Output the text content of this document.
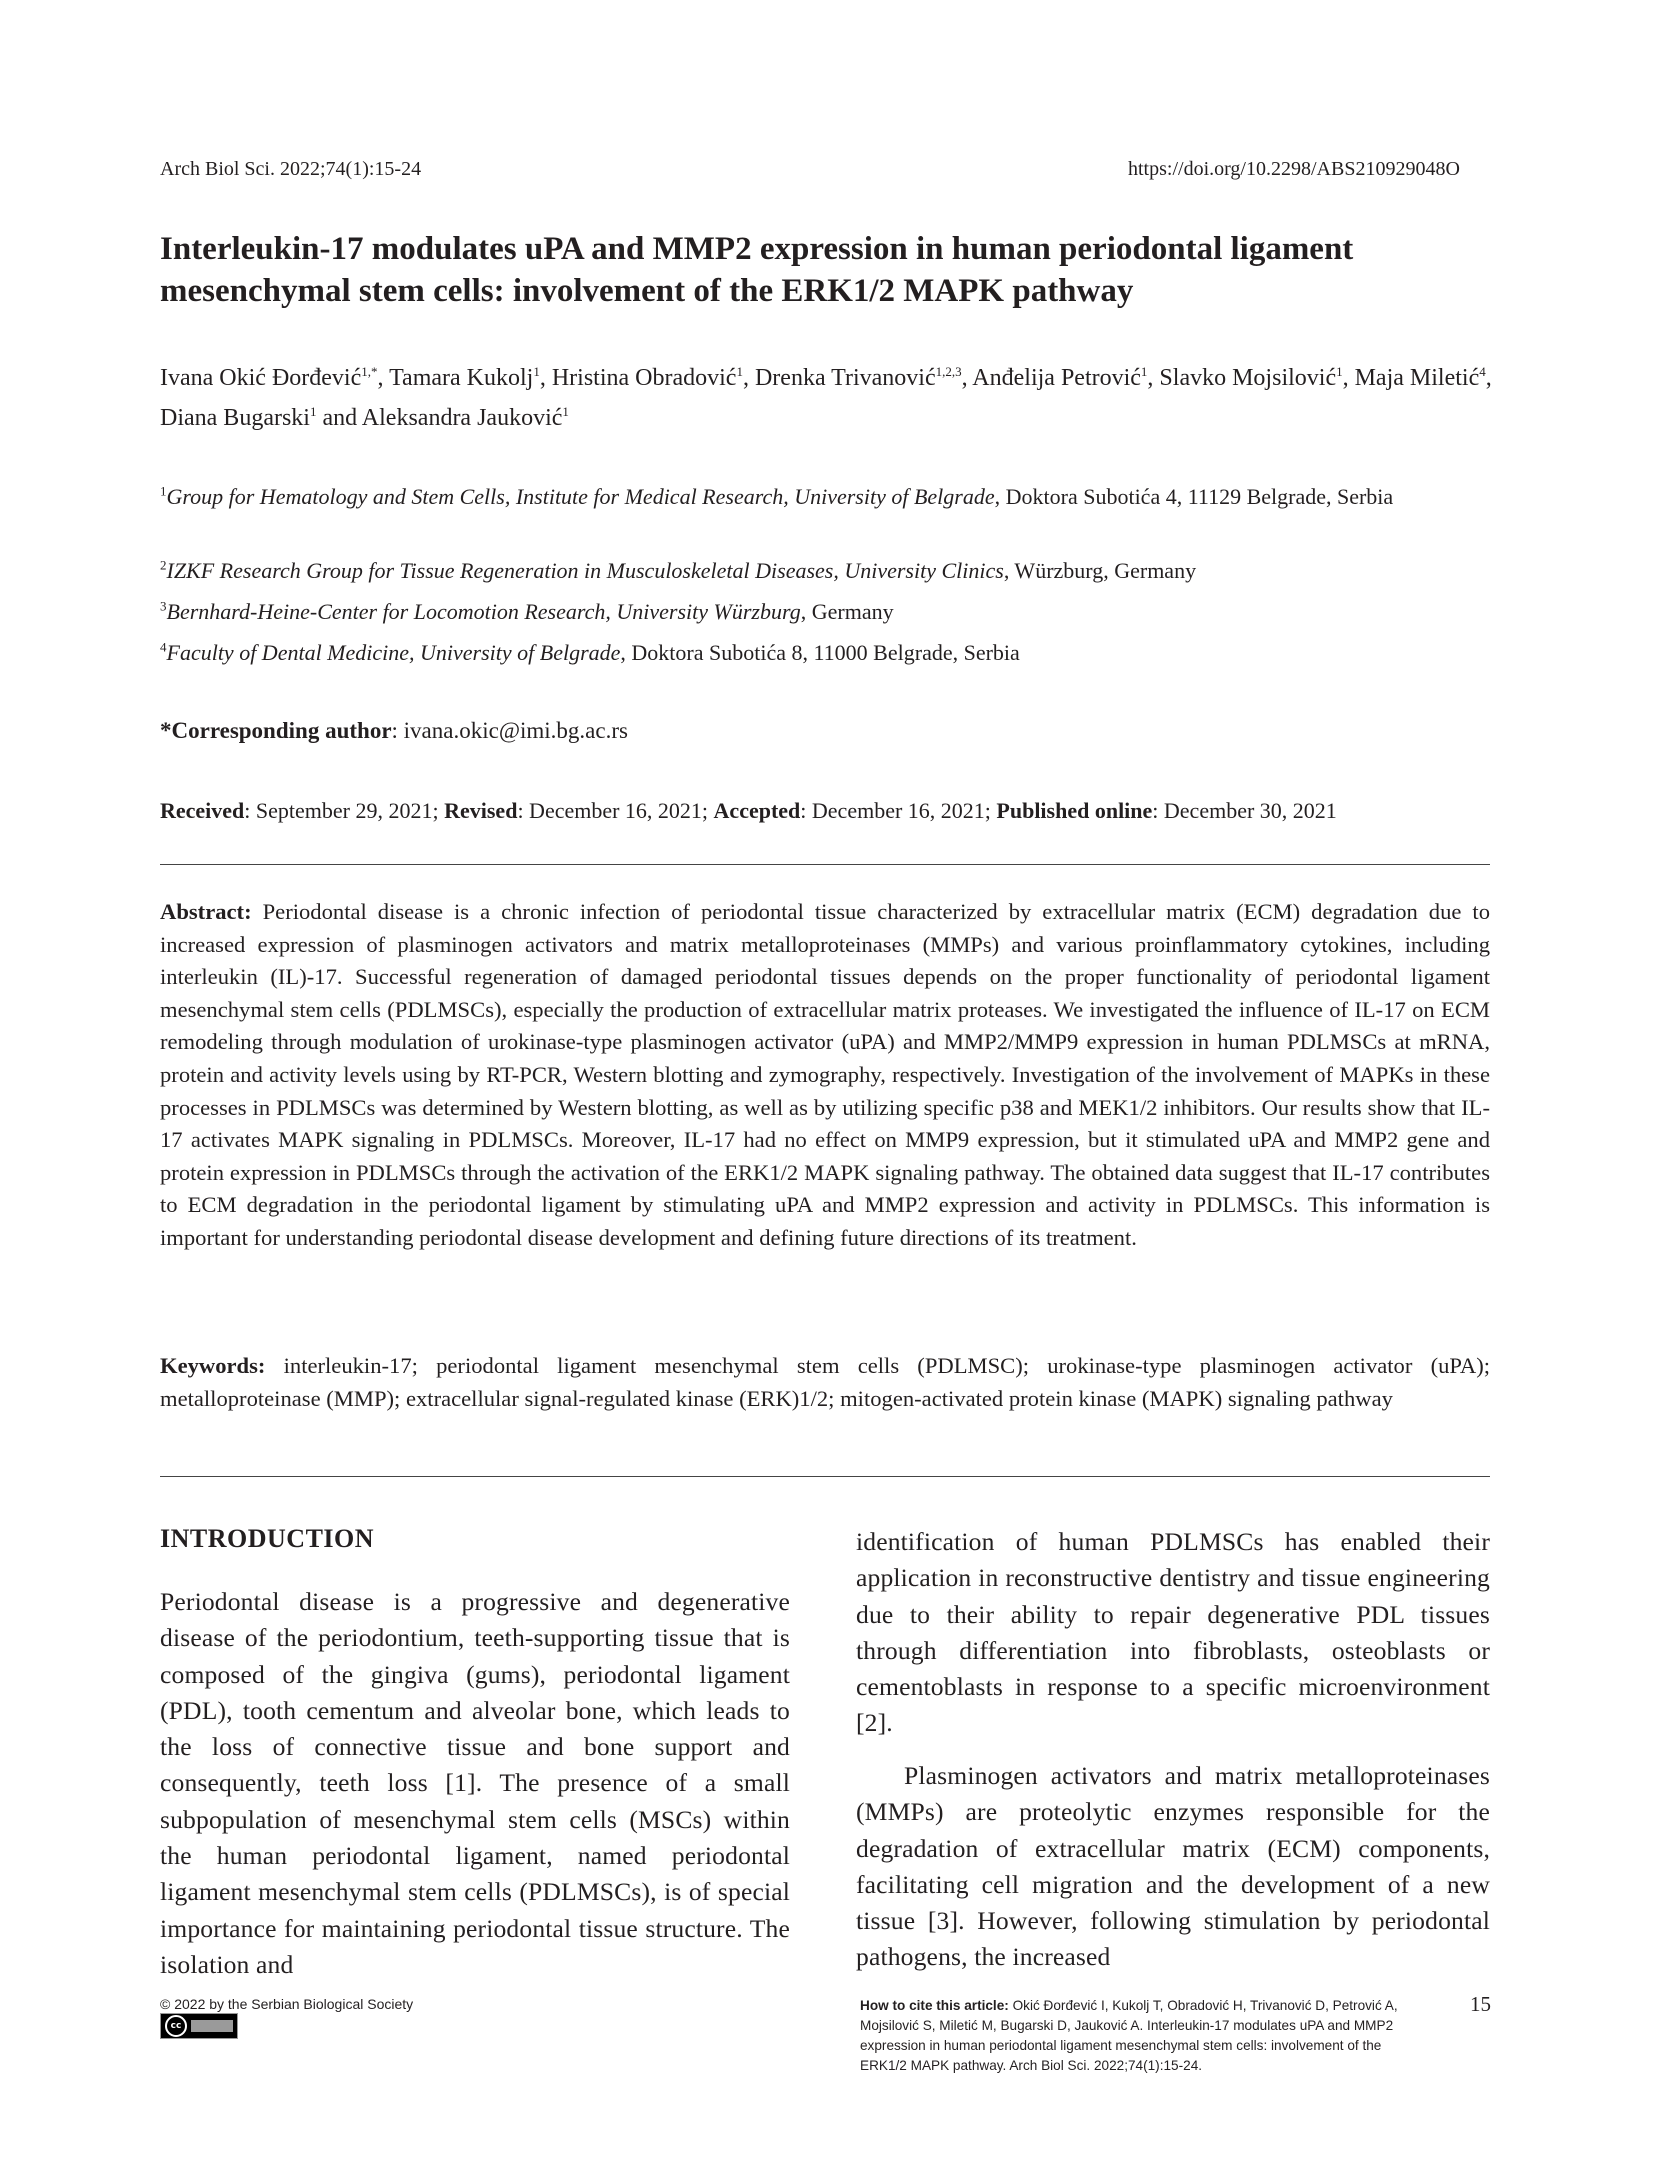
Arch Biol Sci. 2022;74(1):15-24	https://doi.org/10.2298/ABS210929048O
Interleukin-17 modulates uPA and MMP2 expression in human periodontal ligament mesenchymal stem cells: involvement of the ERK1/2 MAPK pathway
Ivana Okić Đorđević$^{1,*}$, Tamara Kukolj$^1$, Hristina Obradović$^1$, Drenka Trivanović$^{1,2,3}$, Anđelija Petrović$^1$, Slavko Mojsilović$^1$, Maja Miletić$^4$, Diana Bugarski$^1$ and Aleksandra Jauković$^1$
$^1$Group for Hematology and Stem Cells, Institute for Medical Research, University of Belgrade, Doktora Subotića 4, 11129 Belgrade, Serbia
$^2$IZKF Research Group for Tissue Regeneration in Musculoskeletal Diseases, University Clinics, Würzburg, Germany
$^3$Bernhard-Heine-Center for Locomotion Research, University Würzburg, Germany
$^4$Faculty of Dental Medicine, University of Belgrade, Doktora Subotića 8, 11000 Belgrade, Serbia
*Corresponding author: ivana.okic@imi.bg.ac.rs
Received: September 29, 2021; Revised: December 16, 2021; Accepted: December 16, 2021; Published online: December 30, 2021
Abstract: Periodontal disease is a chronic infection of periodontal tissue characterized by extracellular matrix (ECM) degradation due to increased expression of plasminogen activators and matrix metalloproteinases (MMPs) and various proinflammatory cytokines, including interleukin (IL)-17. Successful regeneration of damaged periodontal tissues depends on the proper functionality of periodontal ligament mesenchymal stem cells (PDLMSCs), especially the production of extracellular matrix proteases. We investigated the influence of IL-17 on ECM remodeling through modulation of urokinase-type plasminogen activator (uPA) and MMP2/MMP9 expression in human PDLMSCs at mRNA, protein and activity levels using by RT-PCR, Western blotting and zymography, respectively. Investigation of the involvement of MAPKs in these processes in PDLMSCs was determined by Western blotting, as well as by utilizing specific p38 and MEK1/2 inhibitors. Our results show that IL-17 activates MAPK signaling in PDLMSCs. Moreover, IL-17 had no effect on MMP9 expression, but it stimulated uPA and MMP2 gene and protein expression in PDLMSCs through the activation of the ERK1/2 MAPK signaling pathway. The obtained data suggest that IL-17 contributes to ECM degradation in the periodontal ligament by stimulating uPA and MMP2 expression and activity in PDLMSCs. This information is important for understanding periodontal disease development and defining future directions of its treatment.
Keywords: interleukin-17; periodontal ligament mesenchymal stem cells (PDLMSC); urokinase-type plasminogen activator (uPA); metalloproteinase (MMP); extracellular signal-regulated kinase (ERK)1/2; mitogen-activated protein kinase (MAPK) signaling pathway
INTRODUCTION
Periodontal disease is a progressive and degenerative disease of the periodontium, teeth-supporting tissue that is composed of the gingiva (gums), periodontal ligament (PDL), tooth cementum and alveolar bone, which leads to the loss of connective tissue and bone support and consequently, teeth loss [1]. The presence of a small subpopulation of mesenchymal stem cells (MSCs) within the human periodontal ligament, named periodontal ligament mesenchymal stem cells (PDLMSCs), is of special importance for maintaining periodontal tissue structure. The isolation and
identification of human PDLMSCs has enabled their application in reconstructive dentistry and tissue engineering due to their ability to repair degenerative PDL tissues through differentiation into fibroblasts, osteoblasts or cementoblasts in response to a specific microenvironment [2].
Plasminogen activators and matrix metalloproteinases (MMPs) are proteolytic enzymes responsible for the degradation of extracellular matrix (ECM) components, facilitating cell migration and the development of a new tissue [3]. However, following stimulation by periodontal pathogens, the increased
© 2022 by the Serbian Biological Society
cc
How to cite this article: Okić Đorđević I, Kukolj T, Obradović H, Trivanović D, Petrović A, Mojsilović S, Miletić M, Bugarski D, Jauković A. Interleukin-17 modulates uPA and MMP2 expression in human periodontal ligament mesenchymal stem cells: involvement of the ERK1/2 MAPK pathway. Arch Biol Sci. 2022;74(1):15-24.
15
